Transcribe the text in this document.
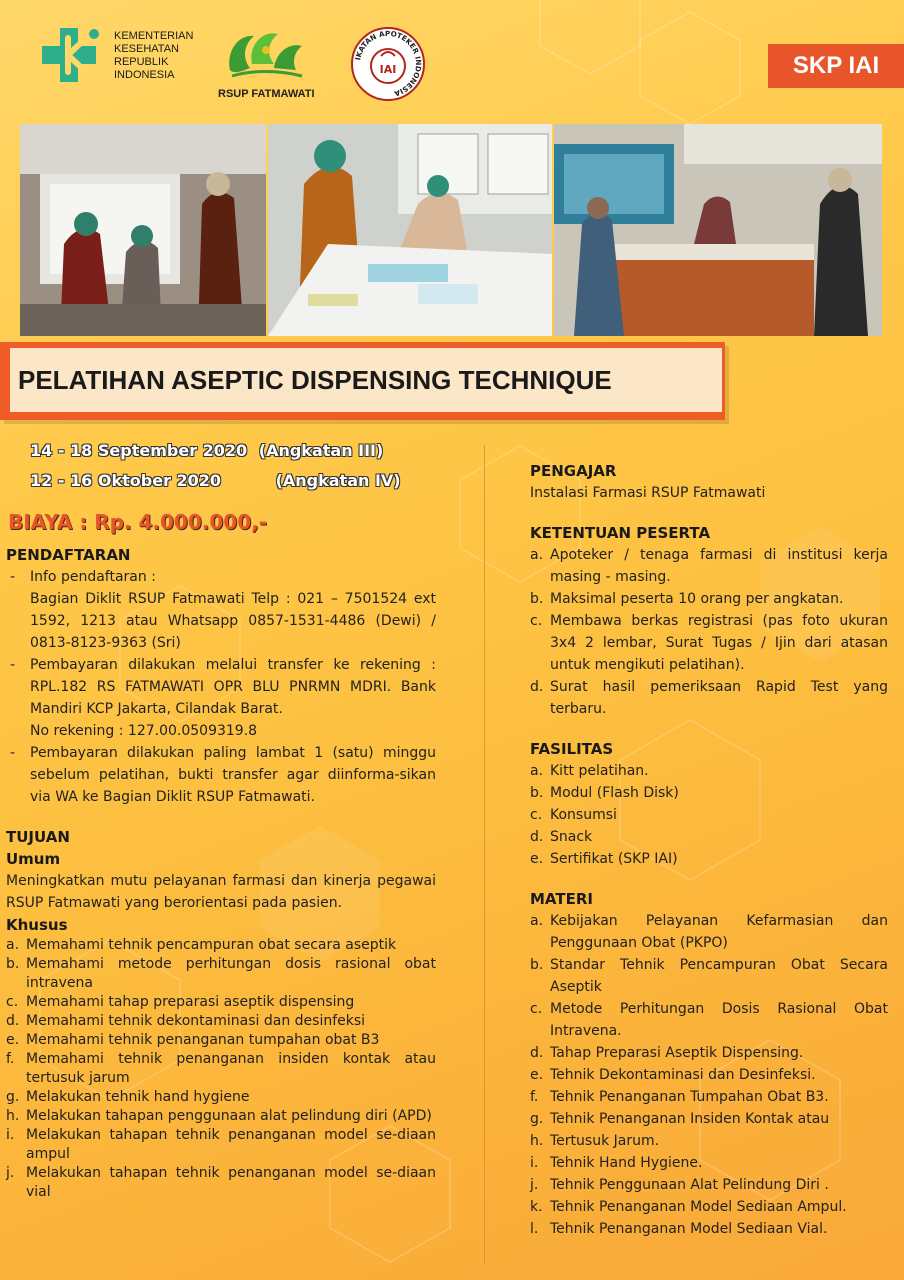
KEMENTERIAN
KESEHATAN
REPUBLIK
INDONESIA
RSUP FATMAWATI
IKATAN APOTEKER INDONESIA
IAI	SKP IAI
PELATIHAN ASEPTIC DISPENSING TECHNIQUE
14 - 18 September 2020 (Angkatan III)
12 - 16 Oktober 2020	(Angkatan IV)
BIAYA : Rp. 4.000.000,-

PENDAFTARAN

-	Info pendaftaran :
Bagian Diklit RSUP Fatmawati Telp : 021 – 7501524 ext 1592, 1213 atau Whatsapp 0857-1531-4486 (Dewi) / 0813-8123-9363 (Sri)
-	Pembayaran dilakukan melalui transfer ke rekening : RPL.182 RS FATMAWATI OPR BLU PNRMN MDRI. Bank Mandiri KCP Jakarta, Cilandak Barat.
No rekening : 127.00.0509319.8
-	Pembayaran dilakukan paling lambat 1 (satu) minggu sebelum pelatihan, bukti transfer agar diinforma-sikan via WA ke Bagian Diklit RSUP Fatmawati.

TUJUAN

Umum

Meningkatkan mutu pelayanan farmasi dan kinerja pegawai RSUP Fatmawati yang berorientasi pada pasien.

Khusus

a. Memahami tehnik pencampuran obat secara aseptik
b. Memahami metode perhitungan dosis rasional obat intravena
c. Memahami tahap preparasi aseptik dispensing
d. Memahami tehnik dekontaminasi dan desinfeksi
e. Memahami tehnik penanganan tumpahan obat B3
f. Memahami tehnik penanganan insiden kontak atau tertusuk jarum
g. Melakukan tehnik hand hygiene
h. Melakukan tahapan penggunaan alat pelindung diri (APD)
i. Melakukan tahapan tehnik penanganan model se-diaan ampul
j. Melakukan tahapan tehnik penanganan model se-diaan vial

PENGAJAR

Instalasi Farmasi RSUP Fatmawati

KETENTUAN PESERTA

a. Apoteker / tenaga farmasi di institusi kerja masing - masing.
b. Maksimal peserta 10 orang per angkatan.
c. Membawa berkas registrasi (pas foto ukuran 3x4 2 lembar, Surat Tugas / Ijin dari atasan untuk mengikuti pelatihan).
d. Surat hasil pemeriksaan Rapid Test yang terbaru.

FASILITAS

a. Kitt pelatihan.
b. Modul (Flash Disk)
c. Konsumsi
d. Snack
e. Sertifikat (SKP IAI)

MATERI

a. Kebijakan Pelayanan Kefarmasian dan Penggunaan Obat (PKPO)
b. Standar Tehnik Pencampuran Obat Secara Aseptik
c. Metode Perhitungan Dosis Rasional Obat Intravena.
d. Tahap Preparasi Aseptik Dispensing.
e. Tehnik Dekontaminasi dan Desinfeksi.
f. Tehnik Penanganan Tumpahan Obat B3.
g. Tehnik Penanganan Insiden Kontak atau
h. Tertusuk Jarum.
i. Tehnik Hand Hygiene.
j. Tehnik Penggunaan Alat Pelindung Diri .
k. Tehnik Penanganan Model Sediaan Ampul.
l. Tehnik Penanganan Model Sediaan Vial.
